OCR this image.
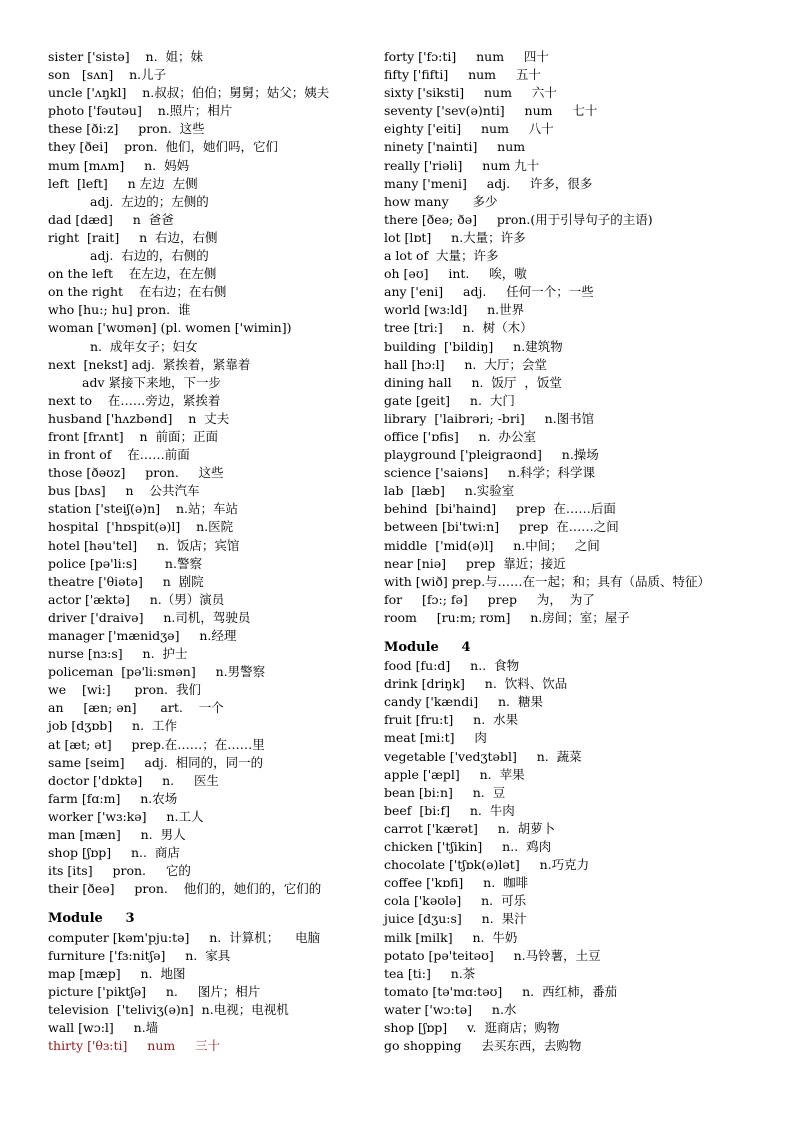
sister ['sistə]    n.  姐；妹
son   [sʌn]    n.儿子
uncle ['ʌŋkl]    n.叔叔；伯伯；舅舅；姑父；姨夫
photo ['fəutəu]    n.照片；相片
these [ði:z]     pron.  这些
they [ðei]    pron.  他们，她们吗，它们
mum [mʌm]     n.  妈妈
left  [left]     n 左边  左侧
adj.  左边的；左侧的
dad [dæd]     n  爸爸
right  [rait]     n  右边，右侧
adj.  右边的，右侧的
on the left    在左边，在左侧
on the right    在右边；在右侧
who [hu:; hu] pron.  谁
woman ['wʊmən] (pl. women ['wimin])
n.  成年女子；妇女
next  [nekst] adj.  紧挨着，紧靠着
adv 紧接下来地，下一步
next to    在……旁边，紧挨着
husband ['hʌzbənd]    n  丈夫
front [frʌnt]    n  前面；正面
in front of    在……前面
those [ðəʊz]     pron.     这些
bus [bʌs]     n    公共汽车
station ['steiʃ(ə)n]    n.站；车站
hospital  ['hɒspit(ə)l]    n.医院
hotel [həu'tel]     n.  饭店；宾馆
police [pə'li:s]       n.警察
theatre ['θiətə]     n  剧院
actor ['æktə]     n.（男）演员
driver ['draivə]     n.司机，驾驶员
manager ['mænidʒə]     n.经理
nurse [nɜ:s]     n.  护士
policeman  [pə'li:smən]     n.男警察
we    [wi:]      pron.  我们
an     [æn; ən]      art.    一个
job [dʒɒb]     n.  工作
at [æt; ət]     prep.在……；在……里
same [seim]     adj.  相同的，同一的
doctor ['dɒktə]     n.     医生
farm [fɑ:m]     n.农场
worker ['wɜ:kə]     n.工人
man [mæn]     n.  男人
shop [ʃɒp]     n..  商店
its [its]     pron.     它的
their [ðeə]     pron.    他们的，她们的，它们的
Module     3
computer [kəm'pju:tə]     n.  计算机；    电脑
furniture ['fɜ:nitʃə]     n.  家具
map [mæp]     n.  地图
picture ['piktʃə]     n.     图片；相片
television  ['teliviʒ(ə)n]  n.电视；电视机
wall [wɔ:l]     n.墙
thirty ['θɜ:ti]     num     三十
forty ['fɔ:ti]     num     四十
fifty ['fifti]     num     五十
sixty ['siksti]     num     六十
seventy ['sev(ə)nti]     num     七十
eighty ['eiti]     num     八十
ninety ['nainti]     num
really ['riəli]     num 九十
many ['meni]     adj.     许多，很多
how many      多少
there [ðeə; ðə]     pron.(用于引导句子的主语)
lot [lɒt]     n.大量；许多
a lot of  大量；许多
oh [əʊ]     int.     唉，嗷
any ['eni]     adj.     任何一个；一些
world [wɜ:ld]     n.世界
tree [tri:]     n.  树（木）
building  ['bildiŋ]     n.建筑物
hall [hɔ:l]     n.  大厅；会堂
dining hall     n.  饭厅  ，饭堂
gate [geit]     n.  大门
library  ['laibrəri; -bri]     n.图书馆
office ['ɒfis]     n.  办公室
playground ['pleigraʊnd]     n.操场
science ['saiəns]     n.科学；科学课
lab  [læb]     n.实验室
behind  [bi'haind]     prep  在……后面
between [bi'twi:n]     prep  在……之间
middle  ['mid(ə)l]     n.中间；   之间
near [niə]     prep  靠近；接近
with [wið] prep.与……在一起；和；具有（品质、特征）
for     [fɔ:; fə]     prep     为，  为了
room     [ru:m; rʊm]     n.房间；室；屋子
Module     4
food [fu:d]     n..  食物
drink [driŋk]     n.  饮料、饮品
candy ['kændi]     n.  糖果
fruit [fru:t]     n.  水果
meat [mi:t]     肉
vegetable ['vedʒtəbl]     n.  蔬菜
apple ['æpl]     n.  苹果
bean [bi:n]     n.  豆
beef  [bi:f]     n.  牛肉
carrot ['kærət]     n.  胡萝卜
chicken ['tʃikin]     n..  鸡肉
chocolate ['tʃɒk(ə)lət]     n.巧克力
coffee ['kɒfi]     n.  咖啡
cola ['kəʊlə]     n.  可乐
juice [dʒu:s]     n.  果汁
milk [milk]     n.  牛奶
potato [pə'teitəʊ]     n.马铃薯，土豆
tea [ti:]     n.茶
tomato [tə'mɑ:təʊ]     n.  西红柿，番茄
water ['wɔ:tə]     n.水
shop [ʃɒp]     v.  逛商店；购物
go shopping     去买东西，去购物
